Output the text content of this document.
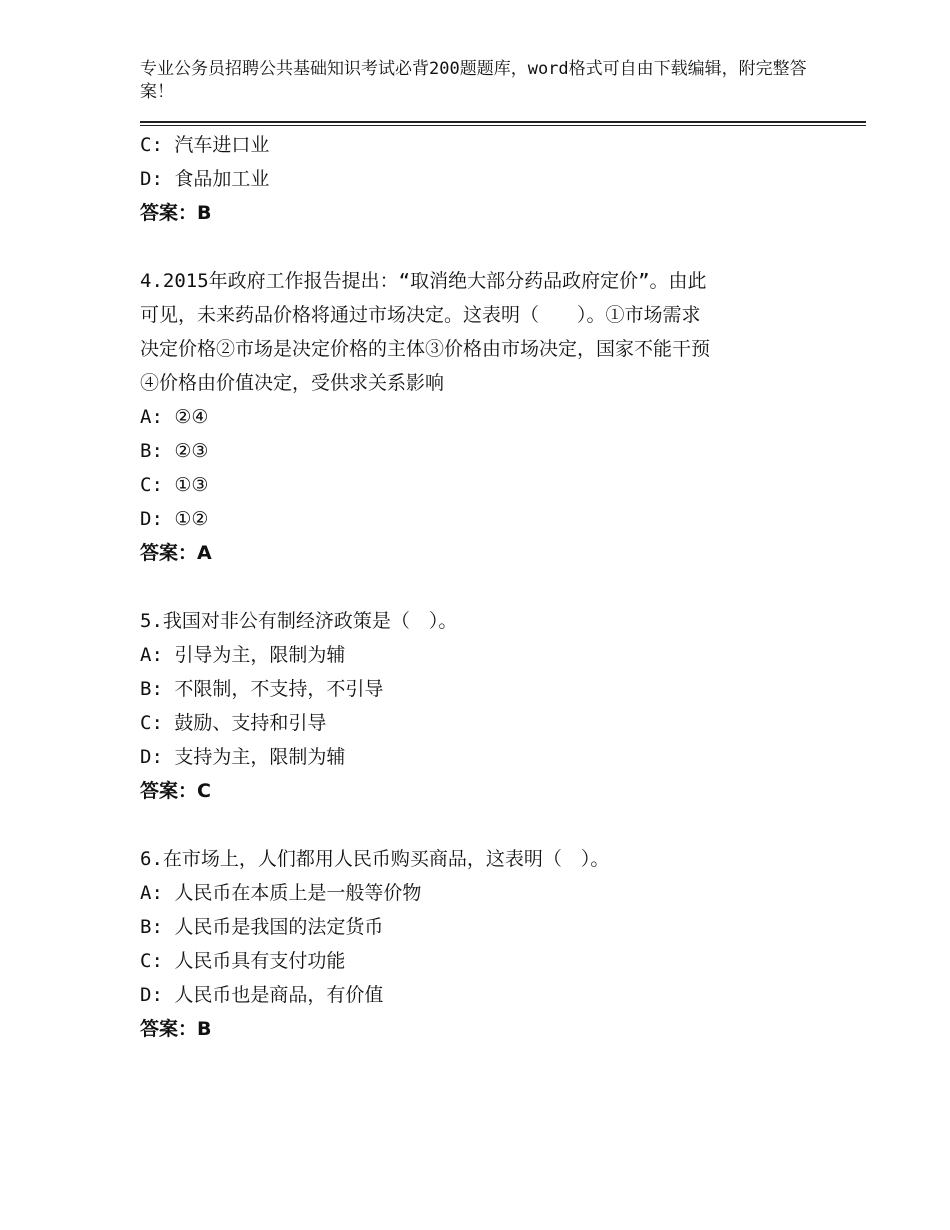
专业公务员招聘公共基础知识考试必背200题题库，word格式可自由下载编辑，附完整答案！
C: 汽车进口业
D: 食品加工业
答案：B
4.2015年政府工作报告提出：“取消绝大部分药品政府定价”。由此
可见，未来药品价格将通过市场决定。这表明（　　）。①市场需求
决定价格②市场是决定价格的主体③价格由市场决定，国家不能干预
④价格由价值决定，受供求关系影响
A: ②④
B: ②③
C: ①③
D: ①②
答案：A
5.我国对非公有制经济政策是（　）。
A: 引导为主，限制为辅
B: 不限制，不支持，不引导
C: 鼓励、支持和引导
D: 支持为主，限制为辅
答案：C
6.在市场上，人们都用人民币购买商品，这表明（　）。
A: 人民币在本质上是一般等价物
B: 人民币是我国的法定货币
C: 人民币具有支付功能
D: 人民币也是商品，有价值
答案：B
